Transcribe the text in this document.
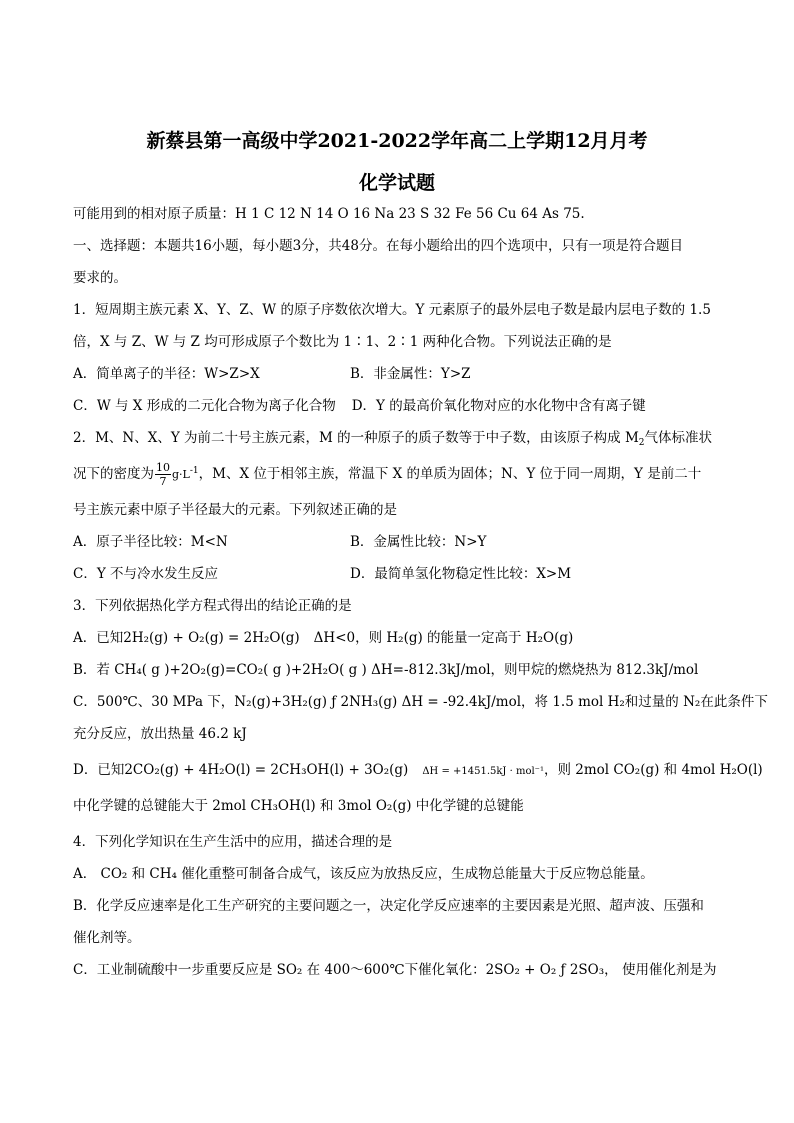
新蔡县第一高级中学2021-2022学年高二上学期12月月考
化学试题
可能用到的相对原子质量：H 1 C 12 N 14 O 16 Na 23 S 32 Fe 56 Cu 64 As 75.
一、选择题：本题共16小题，每小题3分，共48分。在每小题给出的四个选项中，只有一项是符合题目
要求的。
1．短周期主族元素 X、Y、Z、W 的原子序数依次增大。Y 元素原子的最外层电子数是最内层电子数的 1.5
倍，X 与 Z、W 与 Z 均可形成原子个数比为 1∶1、2∶1 两种化合物。下列说法正确的是
A．简单离子的半径：W>Z>X	B．非金属性：Y>Z
C．W 与 X 形成的二元化合物为离子化合物 D．Y 的最高价氧化物对应的水化物中含有离子键
2．M、N、X、Y 为前二十号主族元素，M 的一种原子的质子数等于中子数，由该原子构成 $M_2$气体标准状
况下的密度为 $\frac{10}{7} g\cdot L^{-1}$，M、X 位于相邻主族，常温下 X 的单质为固体；N、Y 位于同一周期，Y 是前二十
号主族元素中原子半径最大的元素。下列叙述正确的是
A．原子半径比较：M<N	B．金属性比较：N>Y
C．Y 不与冷水发生反应	D．最简单氢化物稳定性比较：X>M
3．下列依据热化学方程式得出的结论正确的是
A．已知2H₂(g) + O₂(g) = 2H₂O(g) ΔH<0，则 H₂(g) 的能量一定高于 H₂O(g)
B．若 CH₄( g )+2O₂(g)=CO₂( g )+2H₂O( g ) ΔH=-812.3kJ/mol，则甲烷的燃烧热为 812.3kJ/mol
C．500℃、30 MPa 下，N₂(g)+3H₂(g) ƒ 2NH₃(g) ΔH = -92.4kJ/mol，将 1.5 mol H₂和过量的 N₂在此条件下
充分反应，放出热量 46.2 kJ
D．已知2CO₂(g) + 4H₂O(l) = 2CH₃OH(l) + 3O₂(g) ΔH = +1451.5kJ · mol⁻¹，则 2mol CO₂(g) 和 4mol H₂O(l)
中化学键的总键能大于 2mol CH₃OH(l) 和 3mol O₂(g) 中化学键的总键能
4．下列化学知识在生产生活中的应用，描述合理的是
A． CO₂ 和 CH₄ 催化重整可制备合成气，该反应为放热反应，生成物总能量大于反应物总能量。
B．化学反应速率是化工生产研究的主要问题之一，决定化学反应速率的主要因素是光照、超声波、压强和
催化剂等。
C．工业制硫酸中一步重要反应是 SO₂ 在 400～600℃下催化氧化：2SO₂ + O₂ ƒ 2SO₃， 使用催化剂是为
